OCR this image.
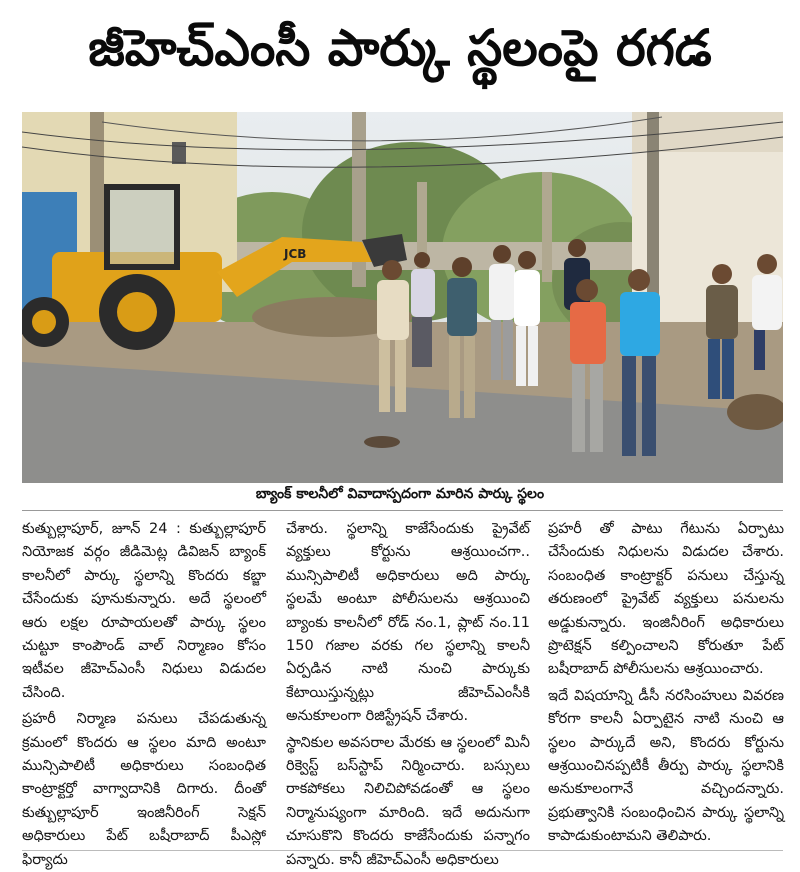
జీహెచ్ఎంసీ పార్కు స్థలంపై రగడ
JCB
బ్యాంక్ కాలనీలో వివాదాస్పదంగా మారిన పార్కు స్థలం

కుత్బుల్లాపూర్, జూన్ 24 : కుత్బుల్లాపూర్ నియోజక వర్గం జీడిమెట్ల డివిజన్ బ్యాంక్ కాలనీలో పార్కు స్థలాన్ని కొందరు కబ్జా చేసేందుకు పూనుకున్నారు. అదే స్థలంలో ఆరు లక్షల రూపాయలతో పార్కు స్థలం చుట్టూ కాంపౌండ్ వాల్ నిర్మాణం కోసం ఇటీవల జీహెచ్ఎంసీ నిధులు విడుదల చేసింది.

ప్రహరీ నిర్మాణ పనులు చేపడుతున్న క్రమంలో కొందరు ఆ స్థలం మాది అంటూ మున్సిపాలిటీ అధికారులు సంబంధిత కాంట్రాక్టర్తో వాగ్వాదానికి దిగారు. దీంతో కుత్బుల్లాపూర్ ఇంజినీరింగ్ సెక్షన్ అధికారులు పేట్ బషీరాబాద్ పీఎస్లో ఫిర్యాదు

చేశారు. స్థలాన్ని కాజేసేందుకు ప్రైవేట్ వ్యక్తులు కోర్టును ఆశ్రయించగా.. మున్సిపాలిటీ అధికారులు అది పార్కు స్థలమే అంటూ పోలీసులను ఆశ్రయించి బ్యాంకు కాలనీలో రోడ్ నం.1, ప్లాట్ నం.11 150 గజాల వరకు గల స్థలాన్ని కాలనీ ఏర్పడిన నాటి నుంచి పార్కుకు కేటాయిస్తున్నట్లు జీహెచ్ఎంసీకి అనుకూలంగా రిజిస్ట్రేషన్ చేశారు.

స్థానికుల అవసరాల మేరకు ఆ స్థలంలో మినీ రిక్వెస్ట్ బస్‌స్టాప్ నిర్మించారు. బస్సులు రాకపోకలు నిలిచిపోవడంతో ఆ స్థలం నిర్మానుష్యంగా మారింది. ఇదే అదునుగా చూసుకొని కొందరు కాజేసేందుకు పన్నాగం పన్నారు. కానీ జీహెచ్ఎంసీ అధికారులు

ప్రహరీ తో పాటు గేటును ఏర్పాటు చేసేందుకు నిధులను విడుదల చేశారు. సంబంధిత కాంట్రాక్టర్ పనులు చేస్తున్న తరుణంలో ప్రైవేట్ వ్యక్తులు పనులను అడ్డుకున్నారు. ఇంజినీరింగ్ అధికారులు ప్రొటెక్షన్ కల్పించాలని కోరుతూ పేట్ బషీరాబాద్ పోలీసులను ఆశ్రయించారు.

ఇదే విషయాన్ని డీసీ నరసింహులు వివరణ కోరగా కాలనీ ఏర్పాటైన నాటి నుంచి ఆ స్థలం పార్కుదే అని, కొందరు కోర్టును ఆశ్రయించినప్పటికీ తీర్పు పార్కు స్థలానికి అనుకూలంగానే వచ్చిందన్నారు. ప్రభుత్వానికి సంబంధించిన పార్కు స్థలాన్ని కాపాడుకుంటామని తెలిపారు.
